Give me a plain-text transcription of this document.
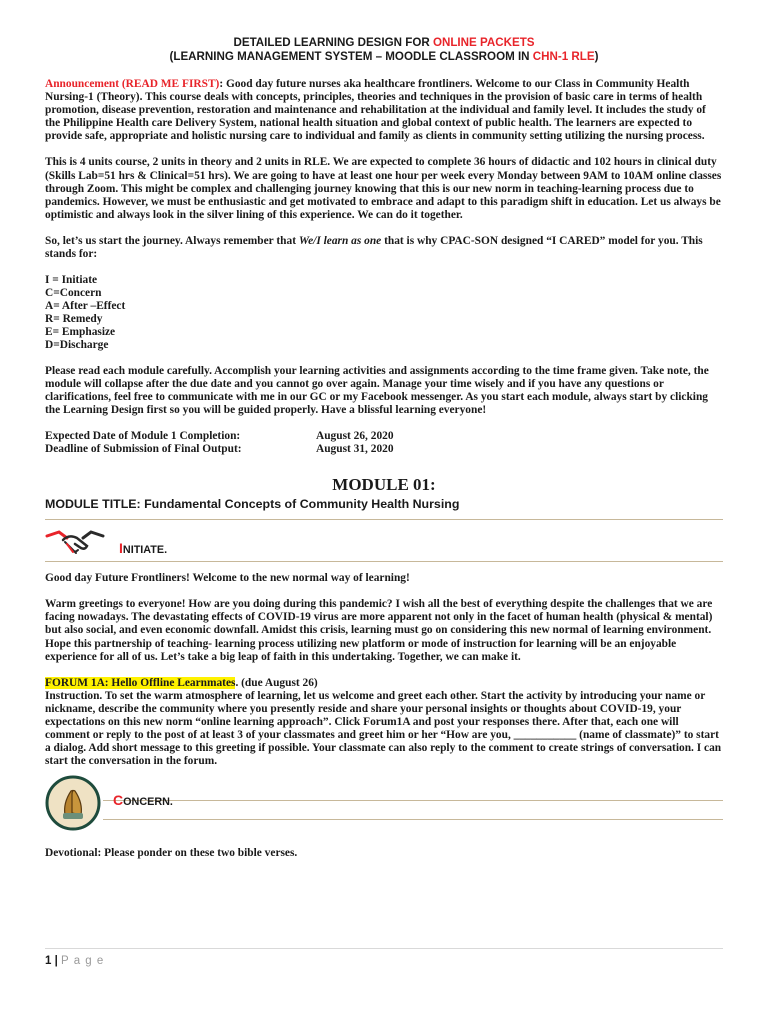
DETAILED LEARNING DESIGN FOR ONLINE PACKETS
(LEARNING MANAGEMENT SYSTEM – MOODLE CLASSROOM IN CHN-1 RLE)

Announcement (READ ME FIRST): Good day future nurses aka healthcare frontliners. Welcome to our Class in Community Health Nursing-1 (Theory). This course deals with concepts, principles, theories and techniques in the provision of basic care in terms of health promotion, disease prevention, restoration and maintenance and rehabilitation at the individual and family level. It includes the study of the Philippine Health care Delivery System, national health situation and global context of public health. The learners are expected to provide safe, appropriate and holistic nursing care to individual and family as clients in community setting utilizing the nursing process.

This is 4 units course, 2 units in theory and 2 units in RLE. We are expected to complete 36 hours of didactic and 102 hours in clinical duty (Skills Lab=51 hrs & Clinical=51 hrs). We are going to have at least one hour per week every Monday between 9AM to 10AM online classes through Zoom. This might be complex and challenging journey knowing that this is our new norm in teaching-learning process due to pandemics. However, we must be enthusiastic and get motivated to embrace and adapt to this paradigm shift in education. Let us always be optimistic and always look in the silver lining of this experience. We can do it together.

So, let’s us start the journey. Always remember that We/I learn as one that is why CPAC-SON designed “I CARED” model for you. This stands for:

I = Initiate
C=Concern
A= After –Effect
R= Remedy
E= Emphasize
D=Discharge

Please read each module carefully. Accomplish your learning activities and assignments according to the time frame given. Take note, the module will collapse after the due date and you cannot go over again. Manage your time wisely and if you have any questions or clarifications, feel free to communicate with me in our GC or my Facebook messenger. As you start each module, always start by clicking the Learning Design first so you will be guided properly. Have a blissful learning everyone!

Expected Date of Module 1 Completion:	August 26, 2020
Deadline of Submission of Final Output:	August 31, 2020
MODULE 01:
MODULE TITLE: Fundamental Concepts of Community Health Nursing
INITIATE.

Good day Future Frontliners! Welcome to the new normal way of learning!

Warm greetings to everyone! How are you doing during this pandemic? I wish all the best of everything despite the challenges that we are facing nowadays. The devastating effects of COVID-19 virus are more apparent not only in the facet of human health (physical & mental) but also social, and even economic downfall. Amidst this crisis, learning must go on considering this new normal of learning environment. Hope this partnership of teaching- learning process utilizing new platform or mode of instruction for learning will be an enjoyable experience for all of us. Let’s take a big leap of faith in this undertaking. Together, we can make it.

FORUM 1A: Hello Offline Learnmates. (due August 26)

Instruction. To set the warm atmosphere of learning, let us welcome and greet each other. Start the activity by introducing your name or nickname, describe the community where you presently reside and share your personal insights or thoughts about COVID-19, your expectations on this new norm “online learning approach”. Click Forum1A and post your responses there. After that, each one will comment or reply to the post of at least 3 of your classmates and greet him or her “How are you, ___________ (name of classmate)” to start a dialog. Add short message to this greeting if possible. Your classmate can also reply to the comment to create strings of conversation. I can start the conversation in the forum.

CONCERN.

Devotional: Please ponder on these two bible verses.

1 | P a g e
